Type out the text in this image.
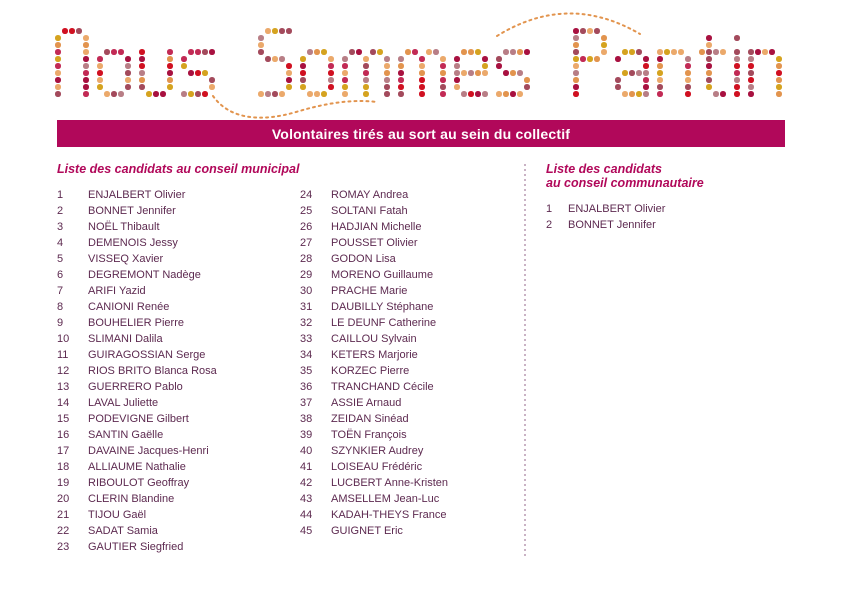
Volontaires tirés au sort au sein du collectif
Liste des candidats au conseil municipal
1	ENJALBERT Olivier
2	BONNET Jennifer
3	NOËL Thibault
4	DEMENOIS Jessy
5	VISSEQ Xavier
6	DEGREMONT Nadège
7	ARIFI Yazid
8	CANIONI Renée
9	BOUHELIER Pierre
10	SLIMANI Dalila
11	GUIRAGOSSIAN Serge
12	RIOS BRITO Blanca Rosa
13	GUERRERO Pablo
14	LAVAL Juliette
15	PODEVIGNE Gilbert
16	SANTIN Gaëlle
17	DAVAINE Jacques-Henri
18	ALLIAUME Nathalie
19	RIBOULOT Geoffray
20	CLERIN Blandine
21	TIJOU Gaël
22	SADAT Samia
23	GAUTIER Siegfried
24	ROMAY Andrea
25	SOLTANI Fatah
26	HADJIAN Michelle
27	POUSSET Olivier
28	GODON Lisa
29	MORENO Guillaume
30	PRACHE Marie
31	DAUBILLY Stéphane
32	LE DEUNF Catherine
33	CAILLOU Sylvain
34	KETERS Marjorie
35	KORZEC Pierre
36	TRANCHAND Cécile
37	ASSIE Arnaud
38	ZEIDAN Sinéad
39	TOËN François
40	SZYNKIER Audrey
41	LOISEAU Frédéric
42	LUCBERT Anne-Kristen
43	AMSELLEM Jean-Luc
44	KADAH-THEYS France
45	GUIGNET Eric
Liste des candidats
au conseil communautaire
1	ENJALBERT Olivier
2	BONNET Jennifer
